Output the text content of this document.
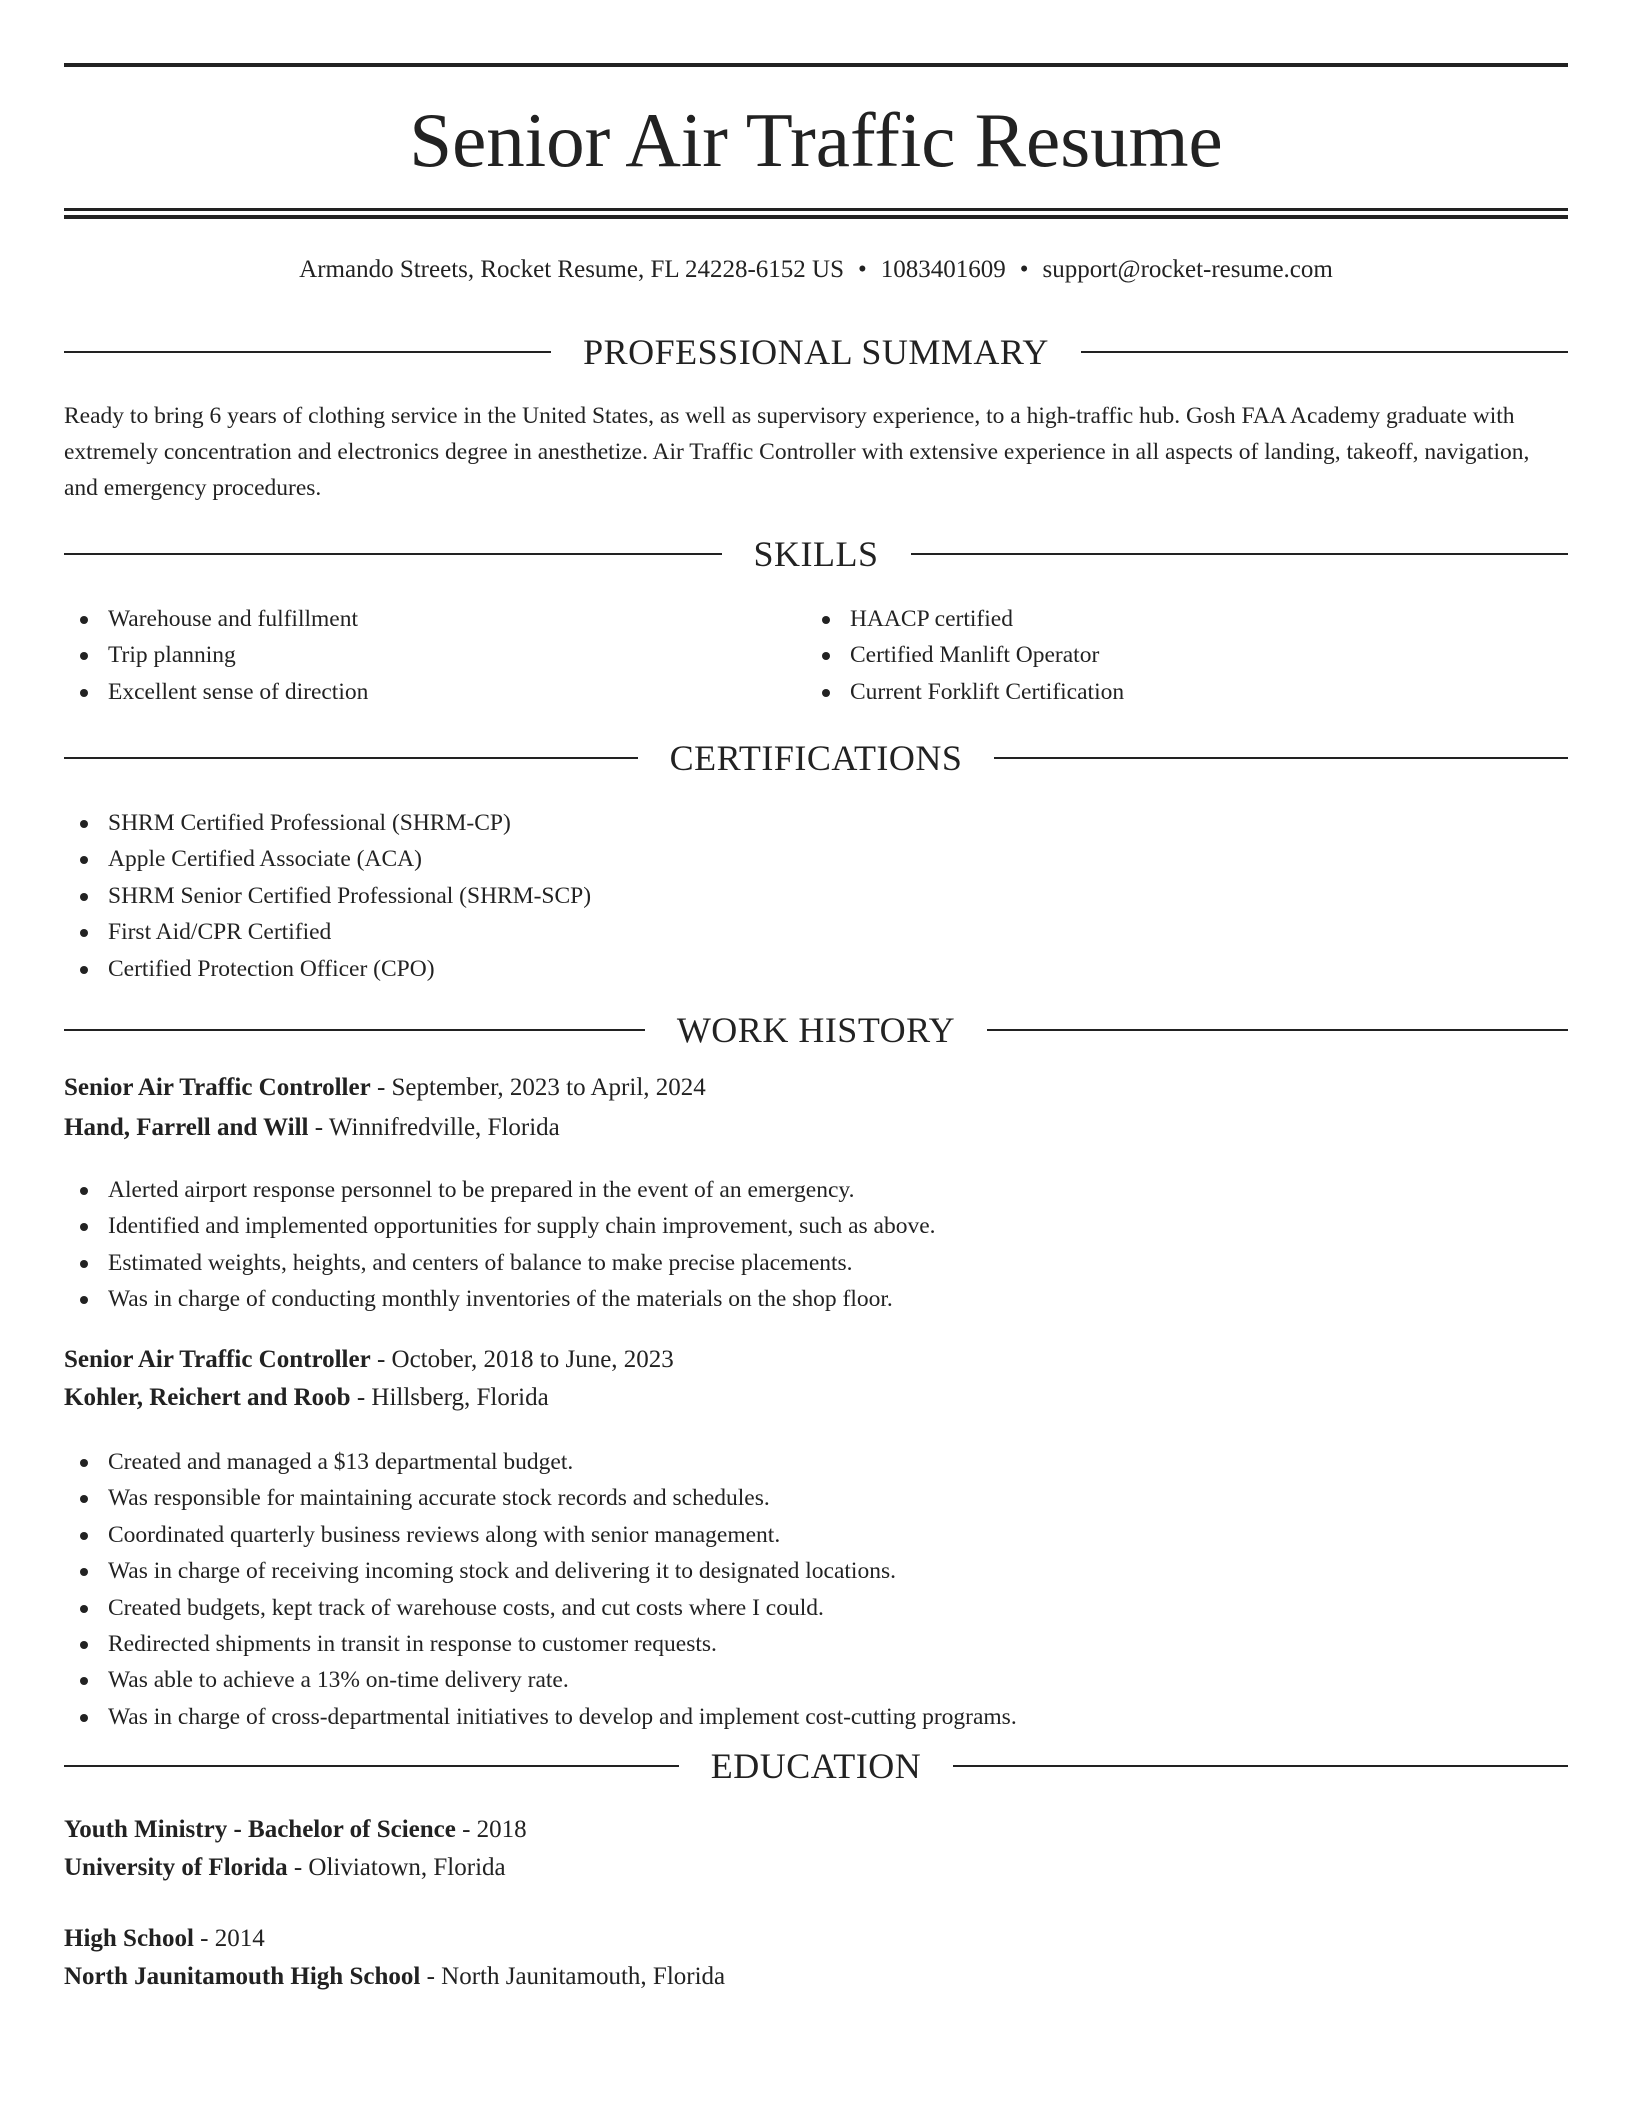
Senior Air Traffic Resume
Armando Streets, Rocket Resume, FL 24228-6152 US • 1083401609 • support@rocket-resume.com
PROFESSIONAL SUMMARY

Ready to bring 6 years of clothing service in the United States, as well as supervisory experience, to a high-traffic hub. Gosh FAA Academy graduate with extremely concentration and electronics degree in anesthetize. Air Traffic Controller with extensive experience in all aspects of landing, takeoff, navigation, and emergency procedures.

SKILLS
Warehouse and fulfillment
Trip planning
Excellent sense of direction
HAACP certified
Certified Manlift Operator
Current Forklift Certification
CERTIFICATIONS
SHRM Certified Professional (SHRM-CP)
Apple Certified Associate (ACA)
SHRM Senior Certified Professional (SHRM-SCP)
First Aid/CPR Certified
Certified Protection Officer (CPO)
WORK HISTORY
Senior Air Traffic Controller - September, 2023 to April, 2024
Hand, Farrell and Will - Winnifredville, Florida
Alerted airport response personnel to be prepared in the event of an emergency.
Identified and implemented opportunities for supply chain improvement, such as above.
Estimated weights, heights, and centers of balance to make precise placements.
Was in charge of conducting monthly inventories of the materials on the shop floor.
Senior Air Traffic Controller - October, 2018 to June, 2023
Kohler, Reichert and Roob - Hillsberg, Florida
Created and managed a $13 departmental budget.
Was responsible for maintaining accurate stock records and schedules.
Coordinated quarterly business reviews along with senior management.
Was in charge of receiving incoming stock and delivering it to designated locations.
Created budgets, kept track of warehouse costs, and cut costs where I could.
Redirected shipments in transit in response to customer requests.
Was able to achieve a 13% on-time delivery rate.
Was in charge of cross-departmental initiatives to develop and implement cost-cutting programs.
EDUCATION
Youth Ministry - Bachelor of Science - 2018
University of Florida - Oliviatown, Florida
High School - 2014
North Jaunitamouth High School - North Jaunitamouth, Florida
